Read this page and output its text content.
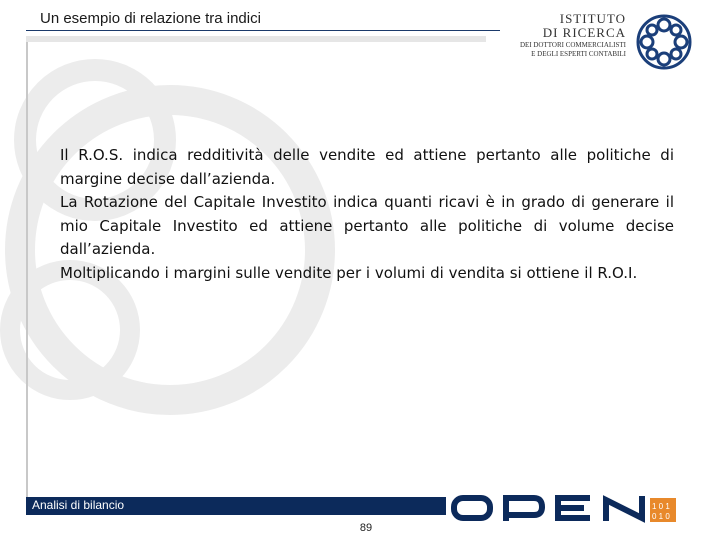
Un esempio di relazione tra indici	ISTITUTO
DI RICERCA
DEI DOTTORI COMMERCIALISTI
E DEGLI ESPERTI CONTABILI

Il R.O.S. indica redditività delle vendite ed attiene pertanto alle politiche di margine decise dall’azienda.

La Rotazione del Capitale Investito indica quanti ricavi è in grado di generare il mio Capitale Investito ed attiene pertanto alle politiche di volume decise dall’azienda.

Moltiplicando i margini sulle vendite per i volumi di vendita si ottiene il R.O.I.

Analisi di bilancio	1 0 1
0 1 0
89
